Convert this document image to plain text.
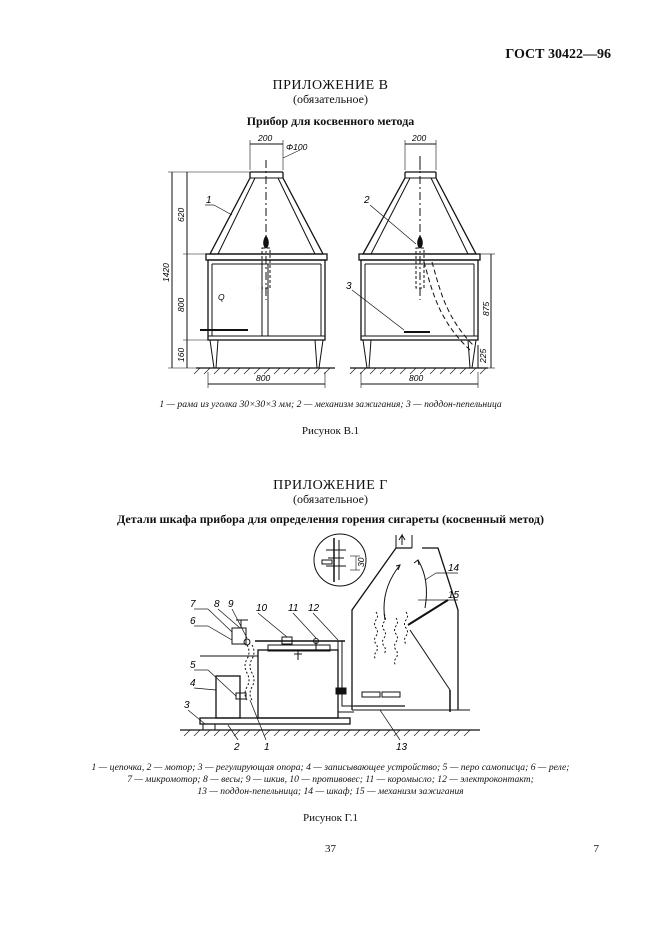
ГОСТ 30422—96
ПРИЛОЖЕНИЕ В
(обязательное)
Прибор для косвенного метода
200
Φ100
620
1420
800
160
800
200
875
225
800
1	2
3
Q
1 — рама из уголка 30×30×3 мм; 2 — механизм зажигания; 3 — поддон-пепельница
Рисунок В.1
ПРИЛОЖЕНИЕ Г
(обязательное)
Детали шкафа прибора для определения горения сигареты (косвенный метод)
30
7 8 9 10 11 12
6
5
4
3
2 1	13
14
15
1 — цепочка, 2 — мотор; 3 — регулирующая опора; 4 — записывающее устройство; 5 — перо самописца; 6 — реле;
7 — микромотор; 8 — весы; 9 — шкив, 10 — противовес; 11 — коромысло; 12 — электроконтакт;
13 — поддон-пепельница; 14 — шкаф; 15 — механизм зажигания
Рисунок Г.1
37	7
